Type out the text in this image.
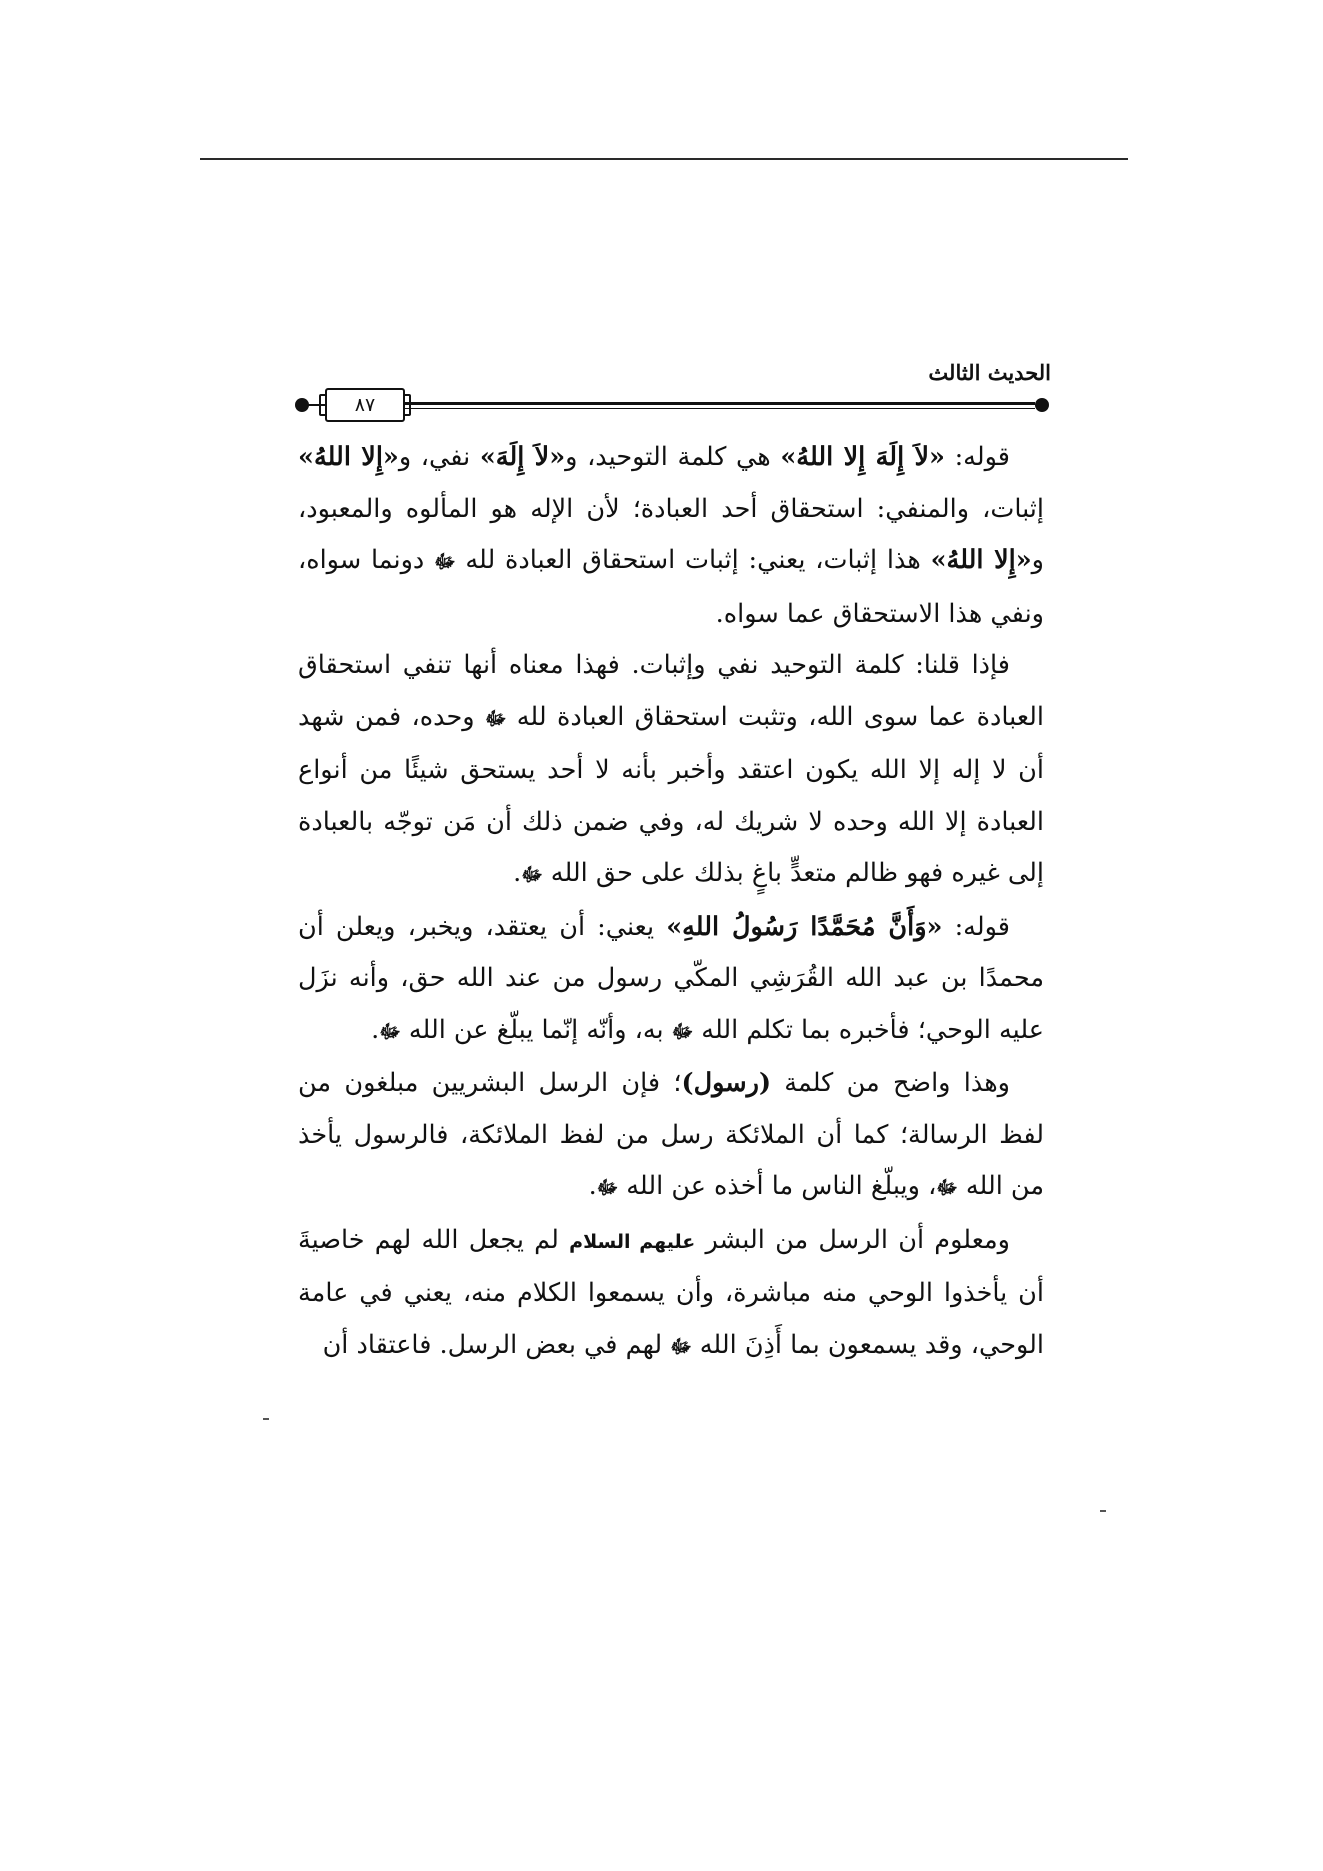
الحديث الثالث
٨٧

قوله: «لاَ إِلَهَ إِلا اللهُ» هي كلمة التوحيد، و«لاَ إِلَهَ» نفي، و«إِلا اللهُ» إثبات، والمنفي: استحقاق أحد العبادة؛ لأن الإله هو المألوه والمعبود، و«إِلا اللهُ» هذا إثبات، يعني: إثبات استحقاق العبادة لله ﷻ دونما سواه، ونفي هذا الاستحقاق عما سواه.

فإذا قلنا: كلمة التوحيد نفي وإثبات. فهذا معناه أنها تنفي استحقاق العبادة عما سوى الله، وتثبت استحقاق العبادة لله ﷻ وحده، فمن شهد أن لا إله إلا الله يكون اعتقد وأخبر بأنه لا أحد يستحق شيئًا من أنواع العبادة إلا الله وحده لا شريك له، وفي ضمن ذلك أن مَن توجّه بالعبادة إلى غيره فهو ظالم متعدٍّ باغٍ بذلك على حق الله ﷻ.

قوله: «وَأَنَّ مُحَمَّدًا رَسُولُ اللهِ» يعني: أن يعتقد، ويخبر، ويعلن أن محمدًا بن عبد الله القُرَشِي المكّي رسول من عند الله حق، وأنه نزَل عليه الوحي؛ فأخبره بما تكلم الله ﷻ به، وأنّه إنّما يبلّغ عن الله ﷻ.

وهذا واضح من كلمة (رسول)؛ فإن الرسل البشريين مبلغون من لفظ الرسالة؛ كما أن الملائكة رسل من لفظ الملائكة، فالرسول يأخذ من الله ﷻ، ويبلّغ الناس ما أخذه عن الله ﷻ.

ومعلوم أن الرسل من البشر عليهم السلام لم يجعل الله لهم خاصيةَ أن يأخذوا الوحي منه مباشرة، وأن يسمعوا الكلام منه، يعني في عامة الوحي، وقد يسمعون بما أَذِنَ الله ﷻ لهم في بعض الرسل. فاعتقاد أن
